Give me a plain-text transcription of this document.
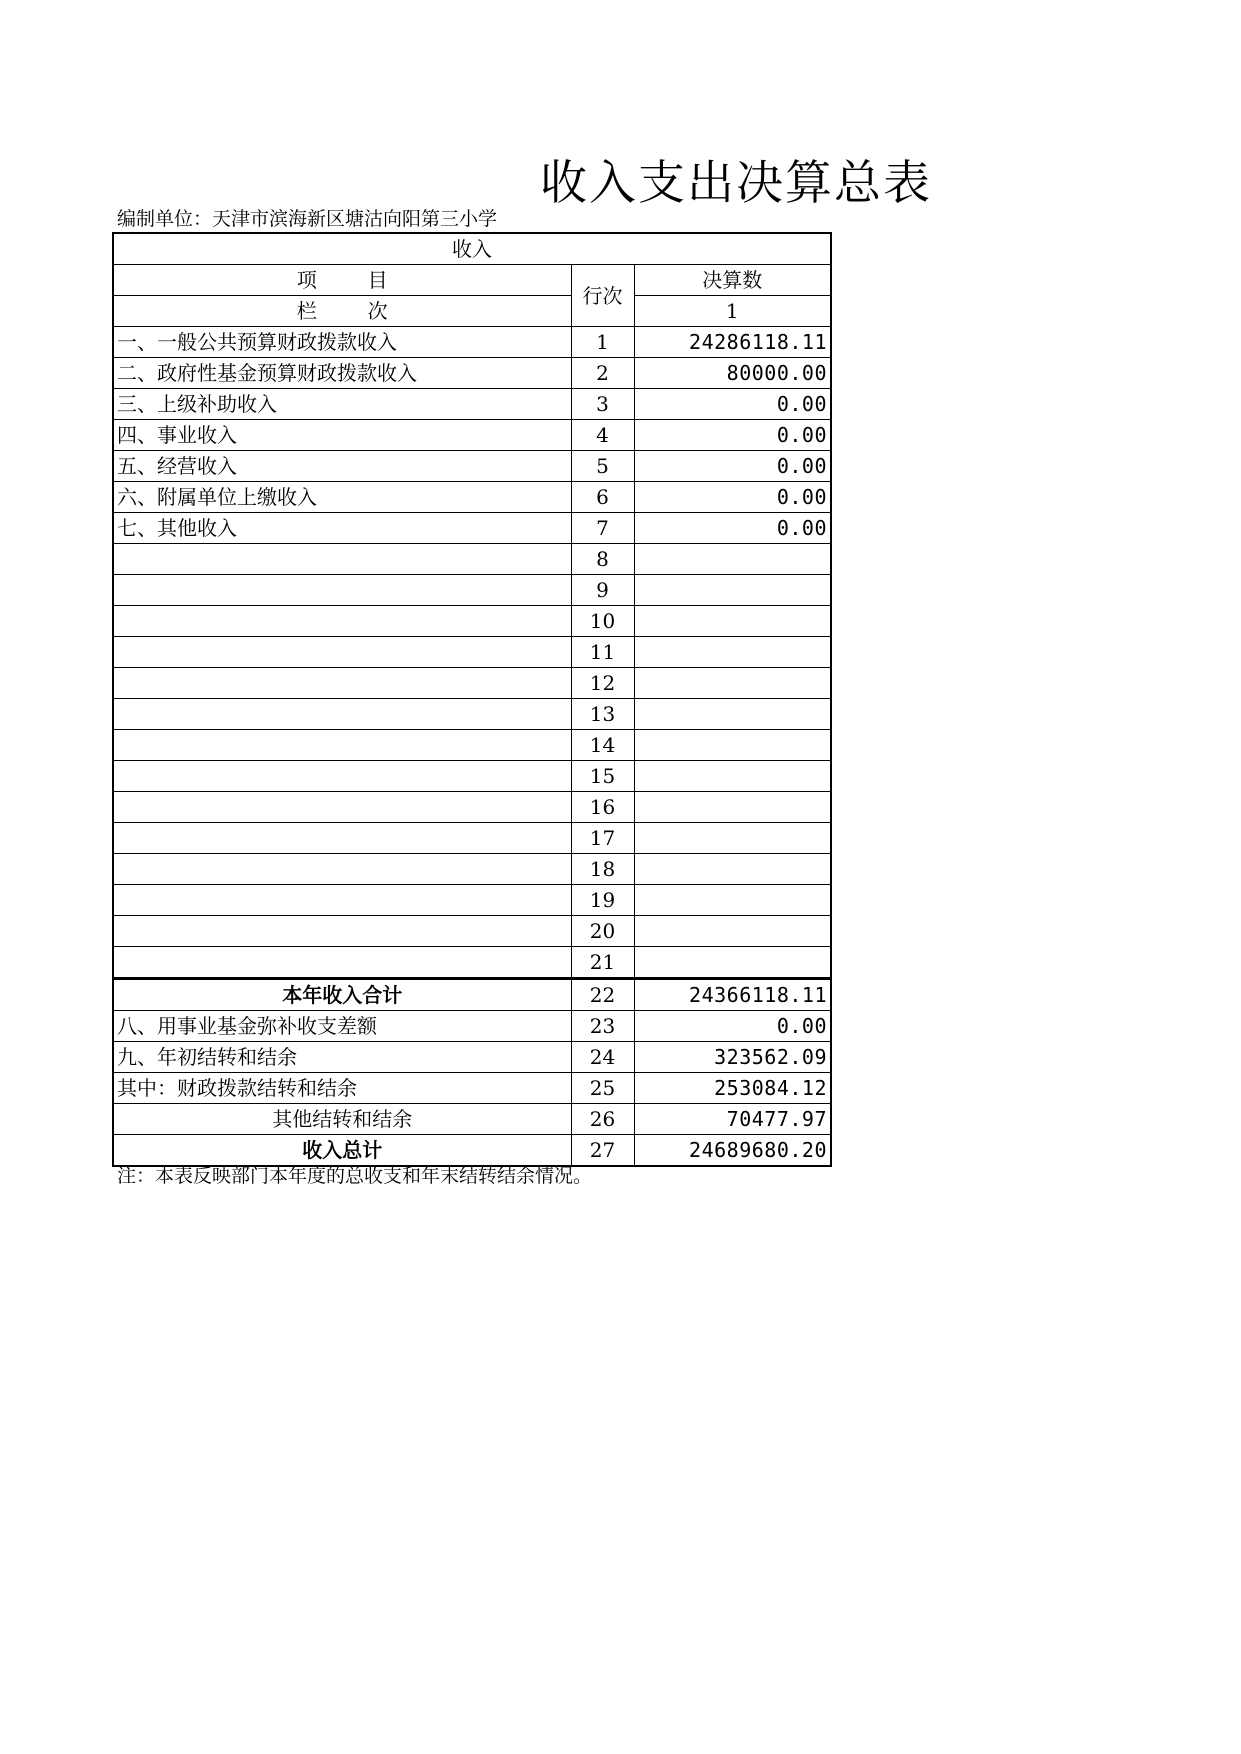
收入支出决算总表
编制单位：天津市滨海新区塘沽向阳第三小学
收入		
项        目	行次	决算数
栏        次		1
一、一般公共预算财政拨款收入	1	24286118.11
二、政府性基金预算财政拨款收入	2	80000.00
三、上级补助收入	3	0.00
四、事业收入	4	0.00
五、经营收入	5	0.00
六、附属单位上缴收入	6	0.00
七、其他收入	7	0.00
	8	
	9	
	10	
	11	
	12	
	13	
	14	
	15	
	16	
	17	
	18	
	19	
	20	
	21	
本年收入合计	22	24366118.11
八、用事业基金弥补收支差额	23	0.00
九、年初结转和结余	24	323562.09
其中：财政拨款结转和结余	25	253084.12
其他结转和结余	26	70477.97
收入总计	27	24689680.20
注：本表反映部门本年度的总收支和年末结转结余情况。
